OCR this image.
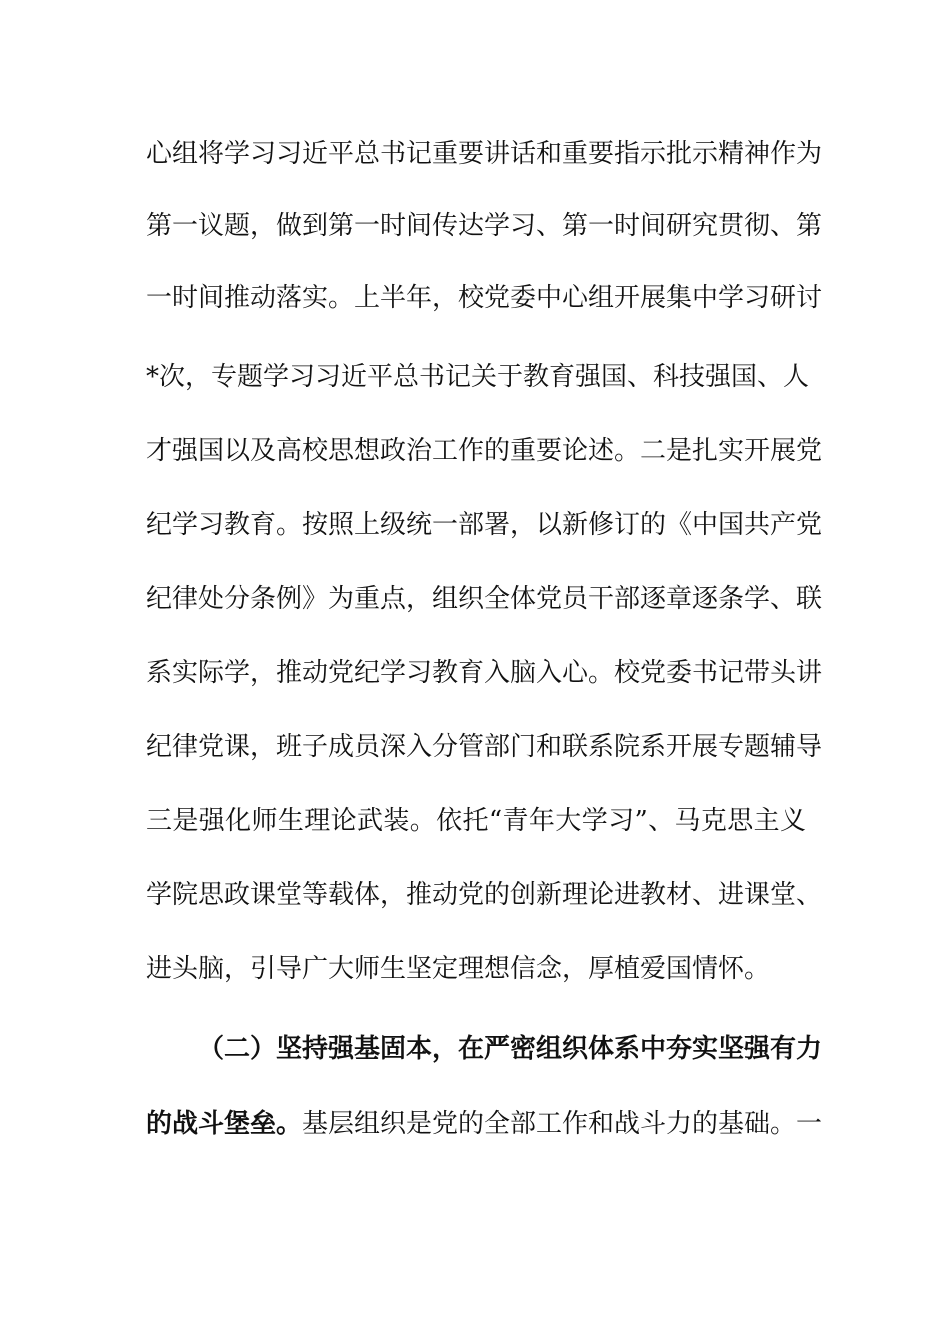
心组将学习习近平总书记重要讲话和重要指示批示精神作为
第一议题，做到第一时间传达学习、第一时间研究贯彻、第
一时间推动落实。上半年，校党委中心组开展集中学习研讨
*次，专题学习习近平总书记关于教育强国、科技强国、人
才强国以及高校思想政治工作的重要论述。二是扎实开展党
纪学习教育。按照上级统一部署，以新修订的《中国共产党
纪律处分条例》为重点，组织全体党员干部逐章逐条学、联
系实际学，推动党纪学习教育入脑入心。校党委书记带头讲
纪律党课，班子成员深入分管部门和联系院系开展专题辅导
三是强化师生理论武装。依托“青年大学习”、马克思主义
学院思政课堂等载体，推动党的创新理论进教材、进课堂、
进头脑，引导广大师生坚定理想信念，厚植爱国情怀。
（二）坚持强基固本，在严密组织体系中夯实坚强有力
的战斗堡垒。基层组织是党的全部工作和战斗力的基础。一
